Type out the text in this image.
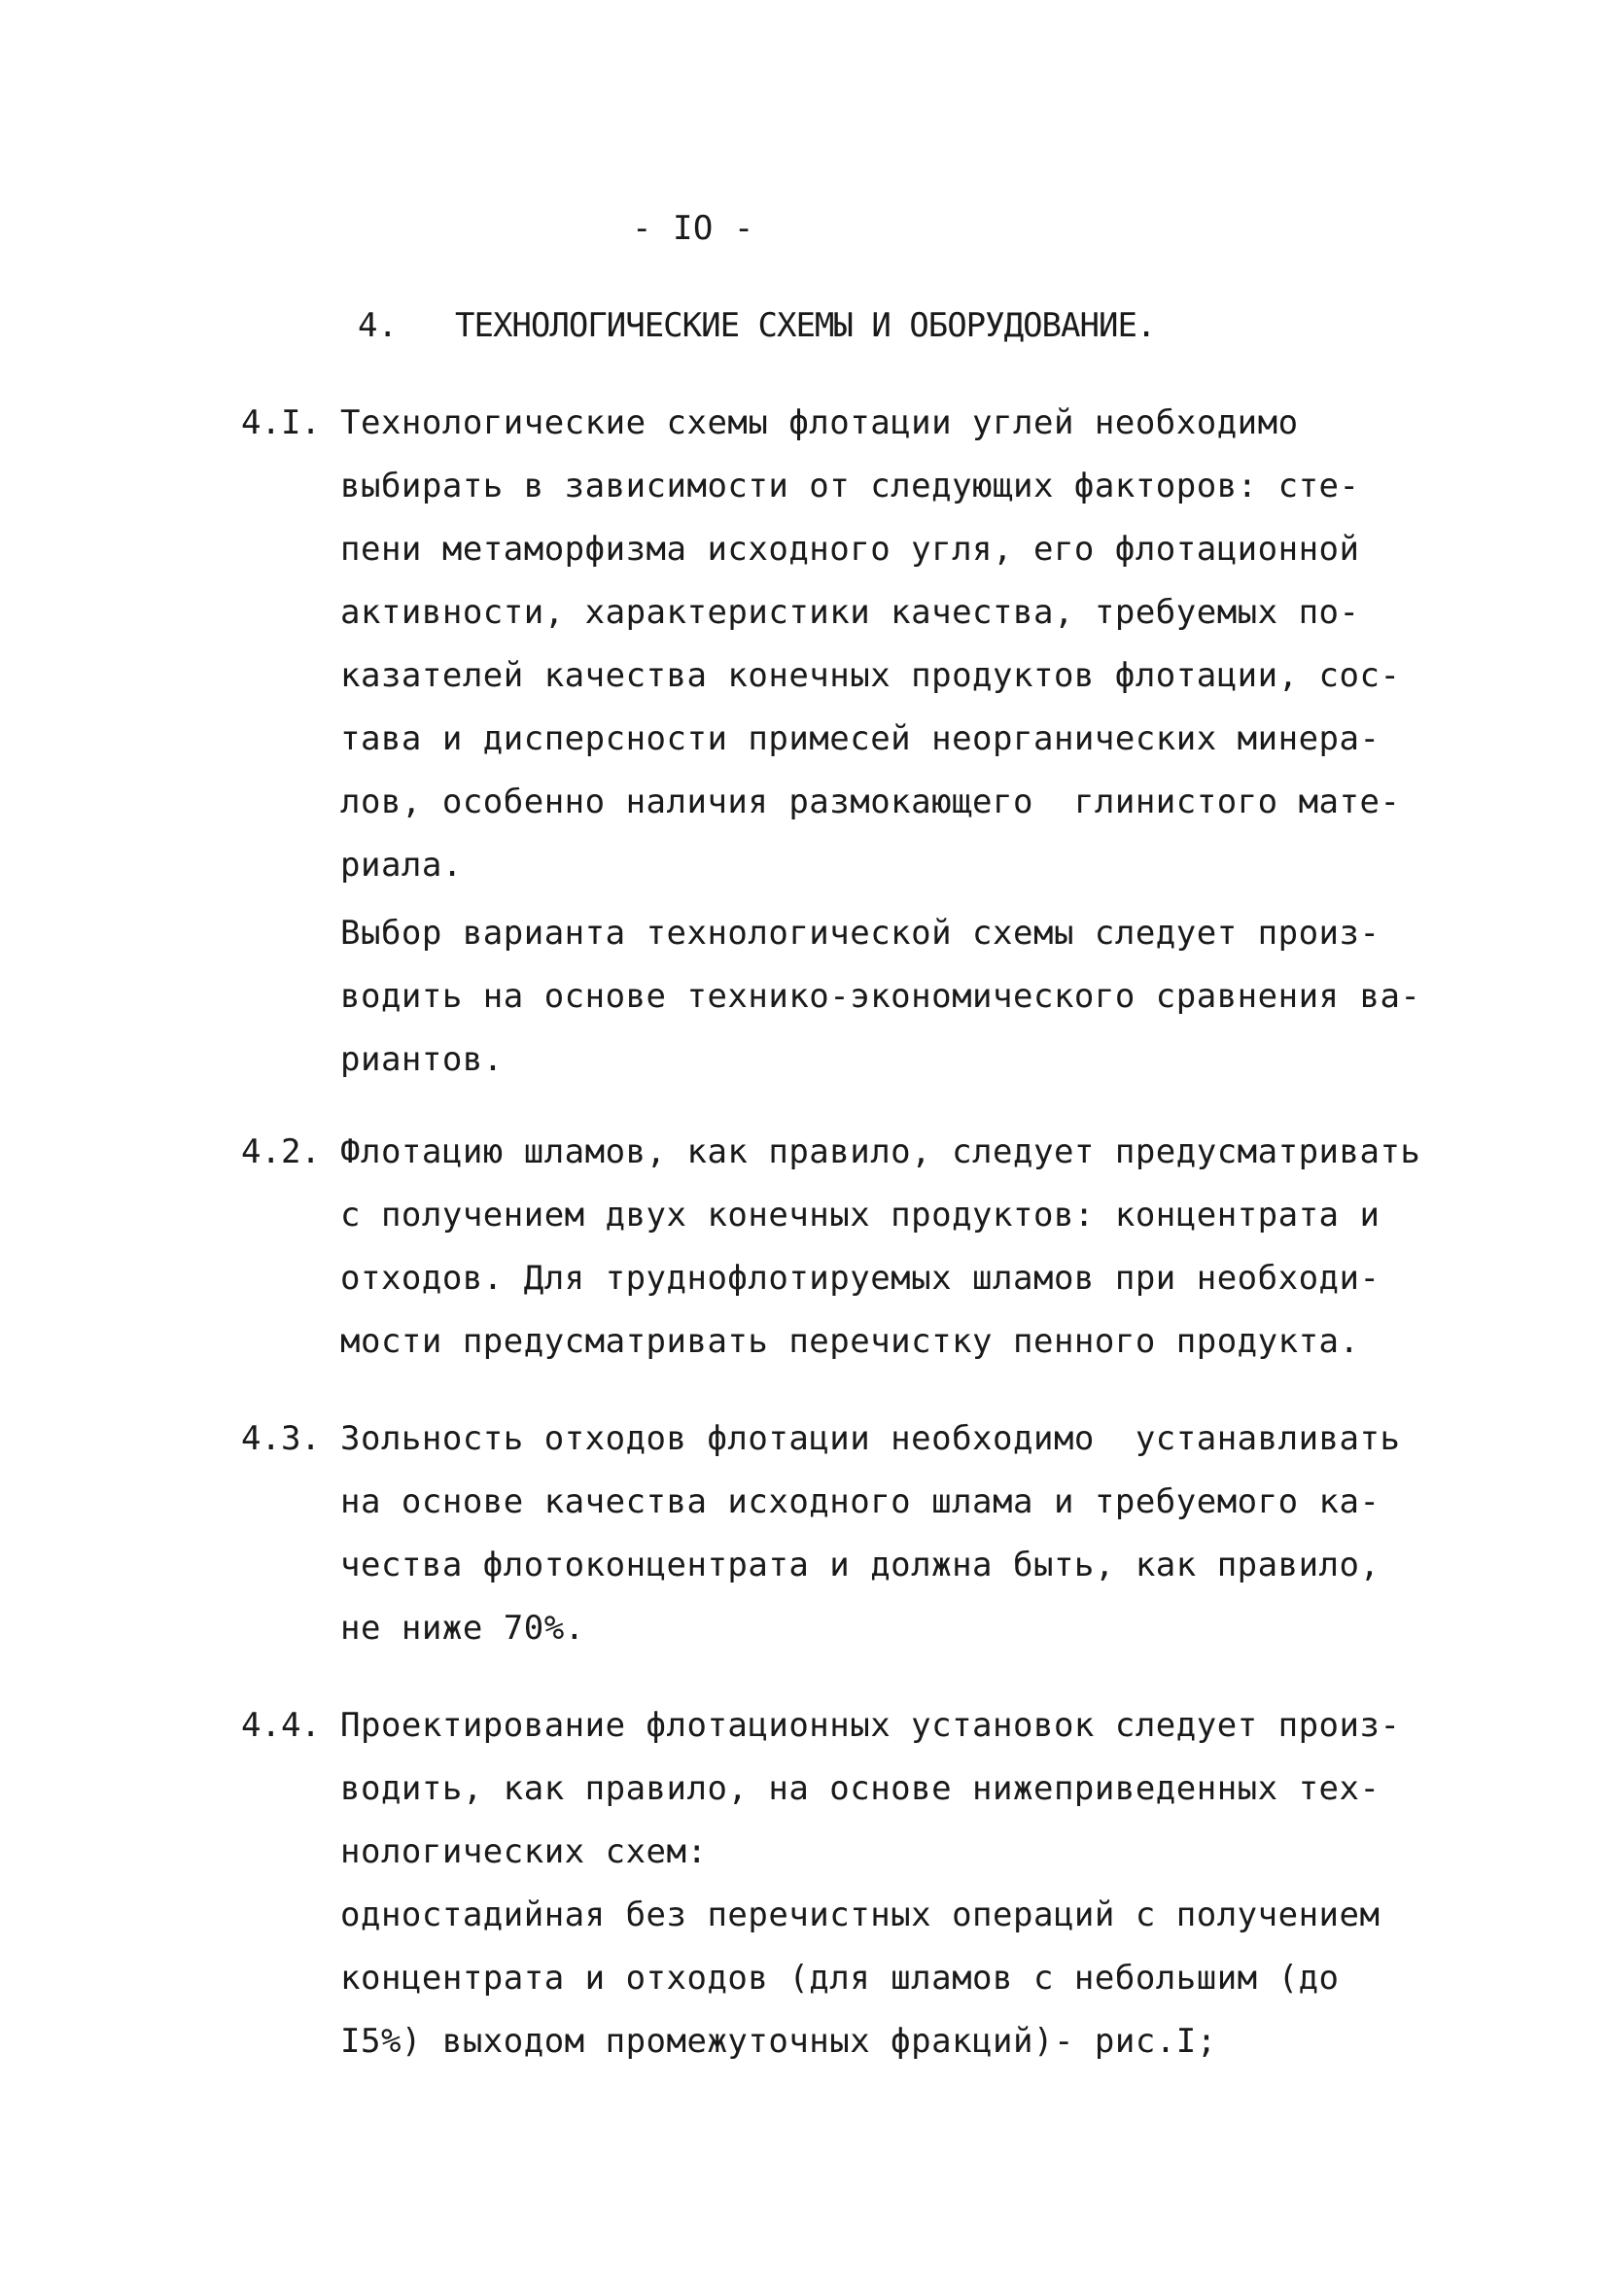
- IO -
4. ТЕХНОЛОГИЧЕСКИЕ СХЕМЫ И ОБОРУДОВАНИЕ.
4.I. Технологические схемы флотации углей необходимо
выбирать в зависимости от следующих факторов: сте-
пени метаморфизма исходного угля, его флотационной
активности, характеристики качества, требуемых по-
казателей качества конечных продуктов флотации, сос-
тава и дисперсности примесей неорганических минера-
лов, особенно наличия размокающего  глинистого мате-
риала.
Выбор варианта технологической схемы следует произ-
водить на основе технико-экономического сравнения ва-
риантов.
4.2. Флотацию шламов, как правило, следует предусматривать
с получением двух конечных продуктов: концентрата и
отходов. Для труднофлотируемых шламов при необходи-
мости предусматривать перечистку пенного продукта.
4.3. Зольность отходов флотации необходимо  устанавливать
на основе качества исходного шлама и требуемого ка-
чества флотоконцентрата и должна быть, как правило,
не ниже 70%.
4.4. Проектирование флотационных установок следует произ-
водить, как правило, на основе нижеприведенных тех-
нологических схем:
одностадийная без перечистных операций с получением
концентрата и отходов (для шламов с небольшим (до
I5%) выходом промежуточных фракций)- рис.I;
